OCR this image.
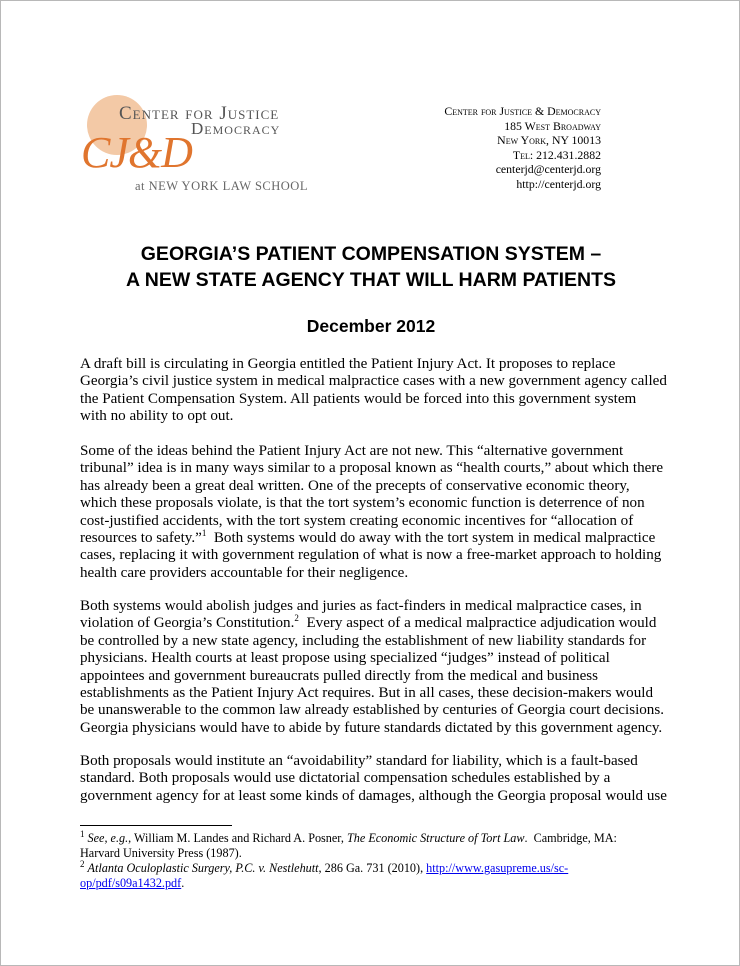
Center for Justice
Democracy
CJ&D
at NEW YORK LAW SCHOOL
Center for Justice & Democracy
185 West Broadway
New York, NY 10013
Tel: 212.431.2882
centerjd@centerjd.org
http://centerjd.org
GEORGIA’S PATIENT COMPENSATION SYSTEM –
A NEW STATE AGENCY THAT WILL HARM PATIENTS
December 2012
A draft bill is circulating in Georgia entitled the Patient Injury Act. It proposes to replace
Georgia’s civil justice system in medical malpractice cases with a new government agency called
the Patient Compensation System. All patients would be forced into this government system
with no ability to opt out.
Some of the ideas behind the Patient Injury Act are not new. This “alternative government
tribunal” idea is in many ways similar to a proposal known as “health courts,” about which there
has already been a great deal written. One of the precepts of conservative economic theory,
which these proposals violate, is that the tort system’s economic function is deterrence of non
cost-justified accidents, with the tort system creating economic incentives for “allocation of
resources to safety.”$^1$  Both systems would do away with the tort system in medical malpractice
cases, replacing it with government regulation of what is now a free-market approach to holding
health care providers accountable for their negligence.
Both systems would abolish judges and juries as fact-finders in medical malpractice cases, in
violation of Georgia’s Constitution.$^2$  Every aspect of a medical malpractice adjudication would
be controlled by a new state agency, including the establishment of new liability standards for
physicians. Health courts at least propose using specialized “judges” instead of political
appointees and government bureaucrats pulled directly from the medical and business
establishments as the Patient Injury Act requires. But in all cases, these decision-makers would
be unanswerable to the common law already established by centuries of Georgia court decisions.
Georgia physicians would have to abide by future standards dictated by this government agency.
Both proposals would institute an “avoidability” standard for liability, which is a fault-based
standard. Both proposals would use dictatorial compensation schedules established by a
government agency for at least some kinds of damages, although the Georgia proposal would use
$^1$ See, e.g., William M. Landes and Richard A. Posner, The Economic Structure of Tort Law.  Cambridge, MA:
Harvard University Press (1987).
$^2$ Atlanta Oculoplastic Surgery, P.C. v. Nestlehutt, 286 Ga. 731 (2010), http://www.gasupreme.us/sc-
op/pdf/s09a1432.pdf.
